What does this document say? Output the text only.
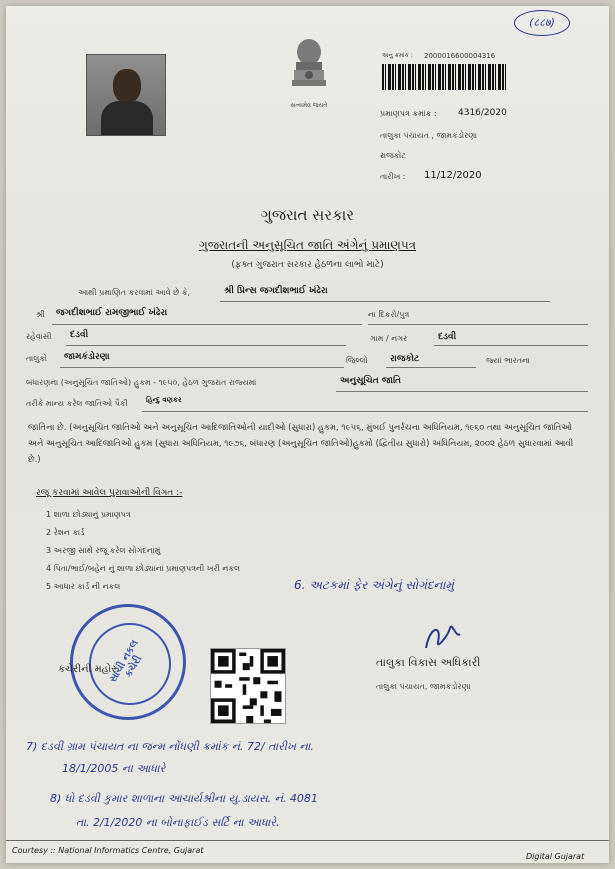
(८८७)
સત્યમેવ જયતે
અનુ ક્રમાંક : 2000016600004316
પ્રમાણપત્ર ક્રમાંક : 4316/2020
તાલુકા પંચાયત , જામકંડોરણા
રાજકોટ
તારીખ : 11/12/2020
ગુજરાત સરકાર
ગુજરાતની અનુસૂચિત જાતિ અંગેનું પ્રમાણપત્ર
(ફક્ત ગુજરાત સરકાર હેઠળના લાભો માટે)
આથી પ્રમાણિત કરવામાં આવે છે કે,	શ્રી પ્રિન્સ જગદીશભાઈ ખંઢેરા
શ્રી જગદીશભાઈ રામજીભાઈ ખંઢેરા	ના દિકરો/પુત્ર
રહેવાસી દડવી	ગામ / નગર	દડવી
તાલુકો જામકંડોરણા	જિલ્લો રાજકોટ	જ્યાં ભારતના
બંધારણના (અનુસૂચિત જાતિઓ) હુકમ - ૧૯૫૦, હેઠળ ગુજરાત રાજ્યમાં	અનુસૂચિત જાતિ
તરીકે માન્ય કરેલ જાતિઓ પૈકી	હિન્દુ વણકર
જાતિના છે. (અનુસૂચિત જાતિઓ અને અનુસૂચિત આદિજાતિઓની યાદીઓ (સુધારા) હુકમ, ૧૯૫૬, મુંબઈ પુનર્રચના અધિનિયમ, ૧૯૬૦ તથા અનુસૂચિત જાતિઓ અને અનુસૂચિત આદિજાતિઓ હુકમ (સુધારા અધિનિયમ, ૧૯૭૬, બંધારણ (અનુસૂચિત જાતિઓ)હુકમો (દ્વિતીય સુધારો) અધિનિયમ, ૨૦૦૨ હેઠળ સુધારવામાં આવી છે.)
રજૂ કરવામાં આવેલ પુરાવાઓની વિગત :-
1 શાળા છોડ્યાનું પ્રમાણપત્ર
2 રેશન કાર્ડ
3 અરજી સાથે રજૂ કરેલ સોગંદનામું
4 પિતા/ભાઈ/બહેન નું શાળા છોડ્યાનાં પ્રમાણપત્રની ખરી નકલ
5 આધાર કાર્ડ ની નકલ	6. અટકમાં ફેર અંગેનું સોગંદનામું
સાચી નકલ કચેરી
કચેરીની મહોર
તાલુકા વિકાસ અધિકારી
તાલુકા પંચાયત, જામકંડોરણા
7) દડવી ગ્રામ પંચાયત ના જન્મ નોંધણી ક્રમાંક નં. 72/ તારીખ ના.
18/1/2005 ના આધારે
8) ધો દડવી કુમાર શાળાના આચાર્યશ્રીના યુ.ડાયસ. નં. 4081
તા. 2/1/2020 ના બોનાફાઈડ સર્ટિ ના આધારે.
Courtesy :: National Informatics Centre, Gujarat
Digital Gujarat
